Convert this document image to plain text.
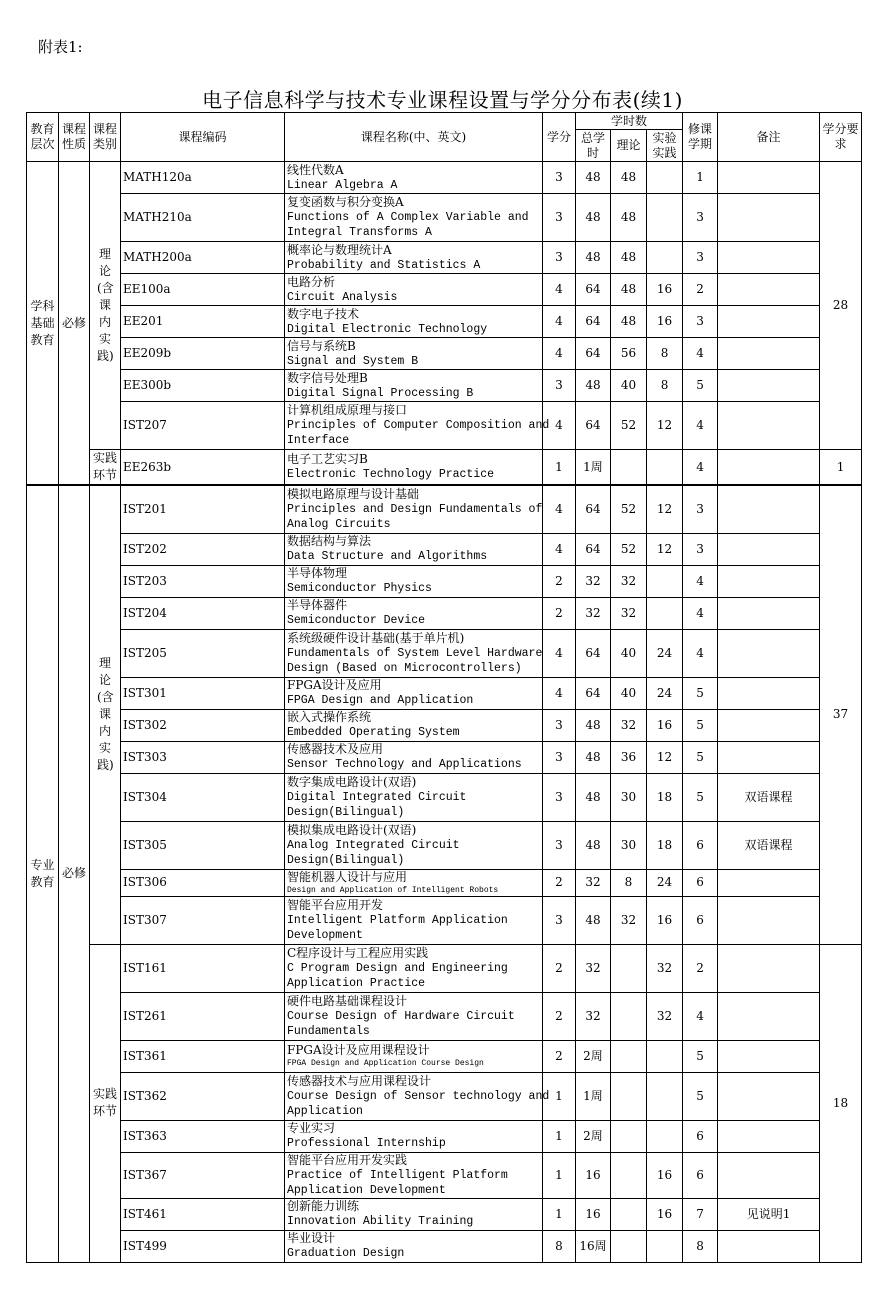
附表1:
电子信息科学与技术专业课程设置与学分分布表(续1)
教育层次	课程性质	课程类别	课程编码	课程名称(中、英文)	学分	学时数			修课学期	备注	学分要求
						总学时	理论	实验实践			
学科基础教育	必修	理论(含课内实践)	MATH120a	线性代数A
Linear Algebra A	3	48	48		1		28
			MATH210a	复变函数与积分变换A
Functions of A Complex Variable and
Integral Transforms A	3	48	48		3		
			MATH200a	概率论与数理统计A
Probability and Statistics A	3	48	48		3		
			EE100a	电路分析
Circuit Analysis	4	64	48	16	2		
			EE201	数字电子技术
Digital Electronic Technology	4	64	48	16	3		
			EE209b	信号与系统B
Signal and System B	4	64	56	8	4		
			EE300b	数字信号处理B
Digital Signal Processing B	3	48	40	8	5		
			IST207	计算机组成原理与接口
Principles of Computer Composition and
Interface	4	64	52	12	4		
		实践环节	EE263b	电子工艺实习B
Electronic Technology Practice	1	1周			4		1
专业教育	必修	理论(含课内实践)	IST201	模拟电路原理与设计基础
Principles and Design Fundamentals of
Analog Circuits	4	64	52	12	3		37
			IST202	数据结构与算法
Data Structure and Algorithms	4	64	52	12	3		
			IST203	半导体物理
Semiconductor Physics	2	32	32		4		
			IST204	半导体器件
Semiconductor Device	2	32	32		4		
			IST205	系统级硬件设计基础(基于单片机)
Fundamentals of System Level Hardware
Design (Based on Microcontrollers)	4	64	40	24	4		
			IST301	FPGA设计及应用
FPGA Design and Application	4	64	40	24	5		
			IST302	嵌入式操作系统
Embedded Operating System	3	48	32	16	5		
			IST303	传感器技术及应用
Sensor Technology and Applications	3	48	36	12	5		
			IST304	数字集成电路设计(双语)
Digital Integrated Circuit
Design(Bilingual)	3	48	30	18	5	双语课程	
			IST305	模拟集成电路设计(双语)
Analog Integrated Circuit
Design(Bilingual)	3	48	30	18	6	双语课程	
			IST306	智能机器人设计与应用
Design and Application of Intelligent Robots	2	32	8	24	6		
			IST307	智能平台应用开发
Intelligent Platform Application
Development	3	48	32	16	6		
		实践环节	IST161	C程序设计与工程应用实践
C Program Design and Engineering
Application Practice	2	32		32	2		18
			IST261	硬件电路基础课程设计
Course Design of Hardware Circuit
Fundamentals	2	32		32	4		
			IST361	FPGA设计及应用课程设计
FPGA Design and Application Course Design	2	2周			5		
			IST362	传感器技术与应用课程设计
Course Design of Sensor technology and
Application	1	1周			5		
			IST363	专业实习
Professional Internship	1	2周			6		
			IST367	智能平台应用开发实践
Practice of Intelligent Platform
Application Development	1	16		16	6		
			IST461	创新能力训练
Innovation Ability Training	1	16		16	7	见说明1	
			IST499	毕业设计
Graduation Design	8	16周			8		
